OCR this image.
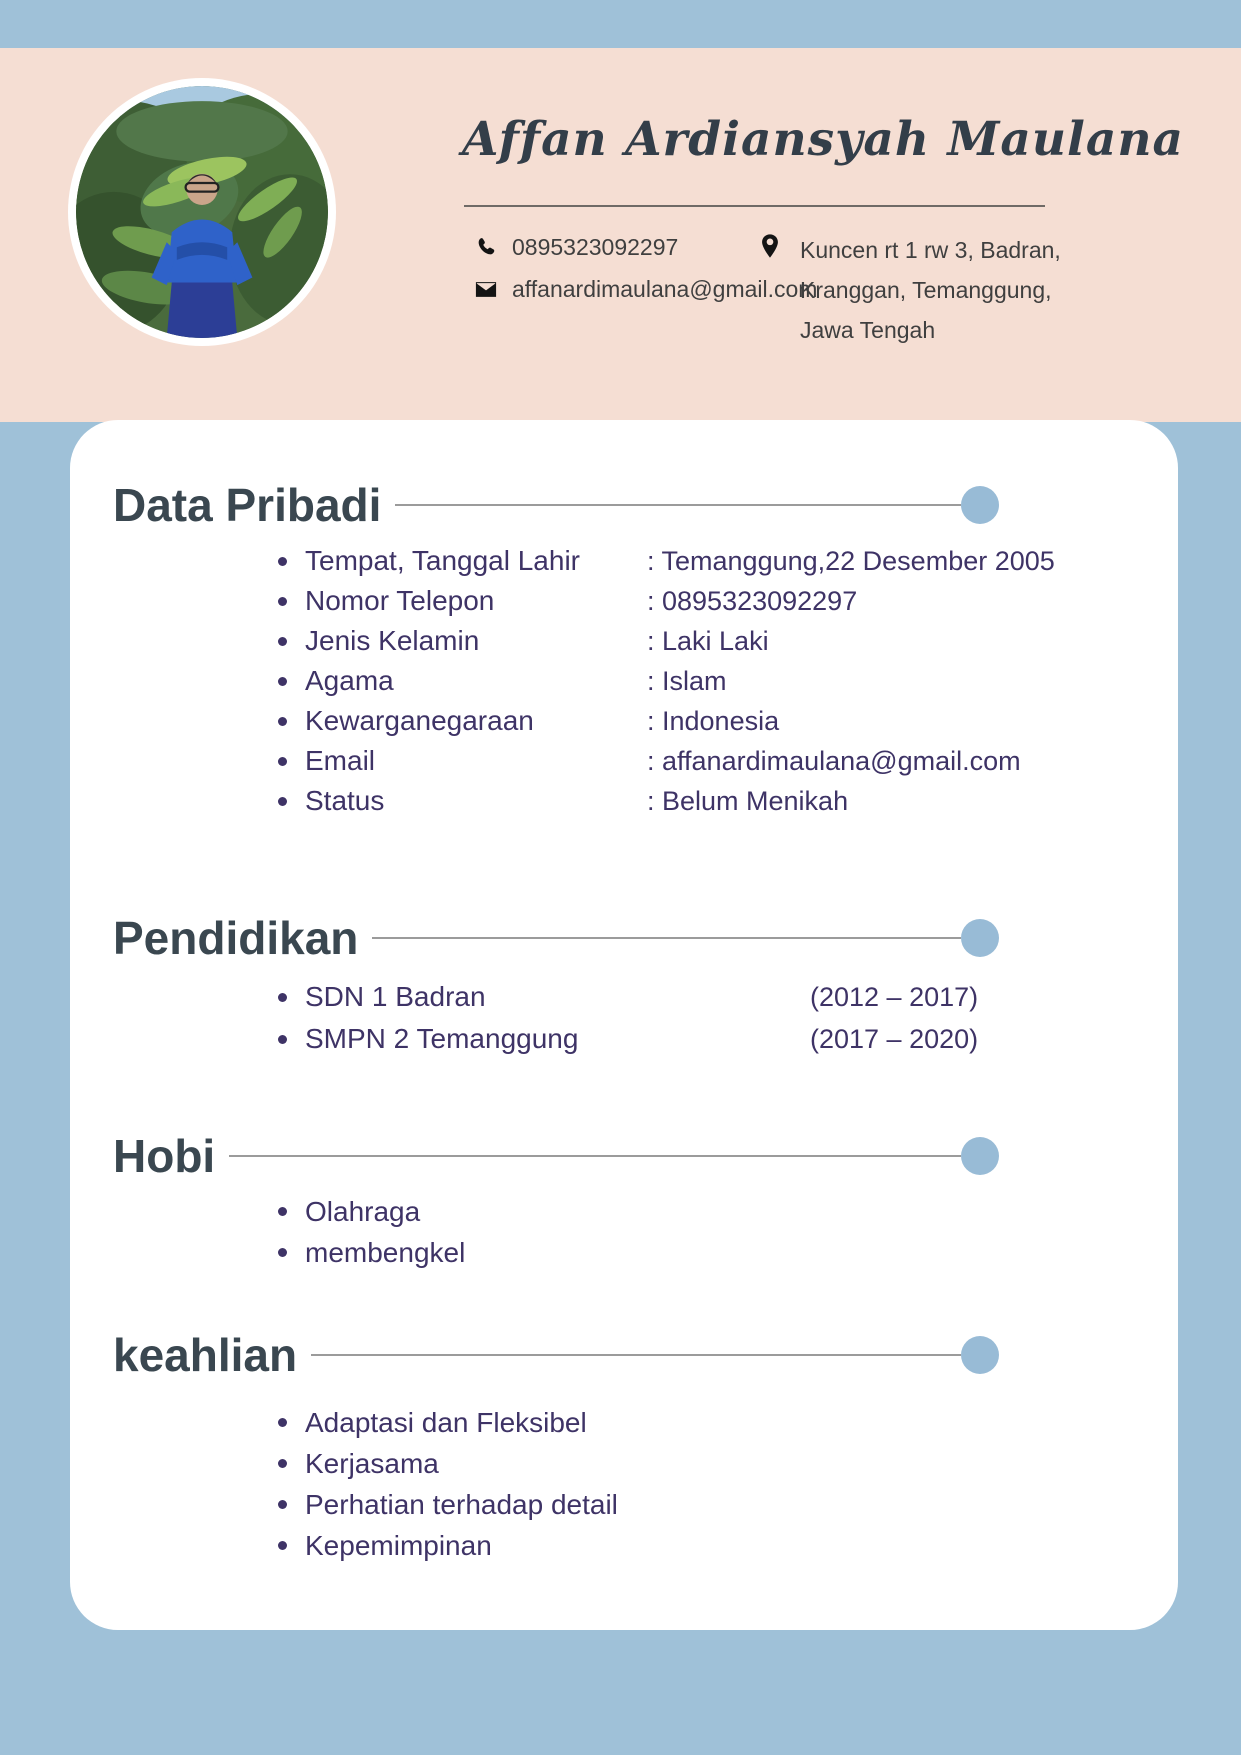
Affan Ardiansyah Maulana
0895323092297
affanardimaulana@gmail.com
Kuncen rt 1 rw 3, Badran,
Kranggan, Temanggung,
Jawa Tengah
Data Pribadi
Tempat, Tanggal Lahir	: Temanggung,22 Desember 2005
Nomor Telepon	: 0895323092297
Jenis Kelamin	: Laki Laki
Agama	: Islam
Kewarganegaraan	: Indonesia
Email	: affanardimaulana@gmail.com
Status	: Belum Menikah
Pendidikan
SDN 1 Badran	(2012 – 2017)
SMPN 2 Temanggung	(2017 – 2020)
Hobi
Olahraga
membengkel
keahlian
Adaptasi dan Fleksibel
Kerjasama
Perhatian terhadap detail
Kepemimpinan
